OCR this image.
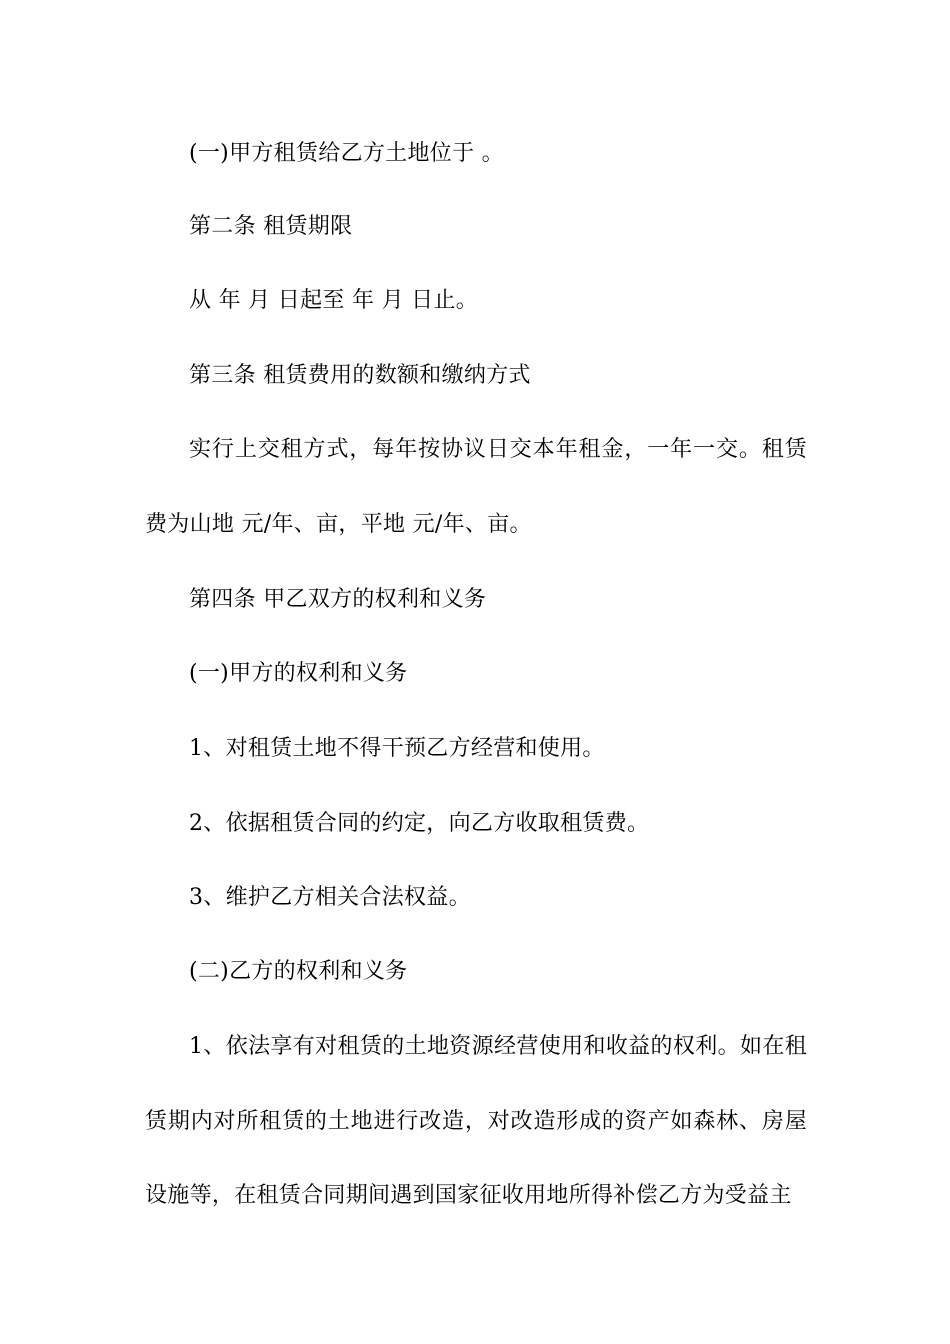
(一)甲方租赁给乙方土地位于 。

第二条 租赁期限

从 年 月 日起至 年 月 日止。

第三条 租赁费用的数额和缴纳方式

实行上交租方式，每年按协议日交本年租金，一年一交。租赁费为山地 元/年、亩，平地 元/年、亩。

第四条 甲乙双方的权利和义务

(一)甲方的权利和义务

1、对租赁土地不得干预乙方经营和使用。

2、依据租赁合同的约定，向乙方收取租赁费。

3、维护乙方相关合法权益。

(二)乙方的权利和义务

1、依法享有对租赁的土地资源经营使用和收益的权利。如在租赁期内对所租赁的土地进行改造，对改造形成的资产如森林、房屋设施等，在租赁合同期间遇到国家征收用地所得补偿乙方为受益主
